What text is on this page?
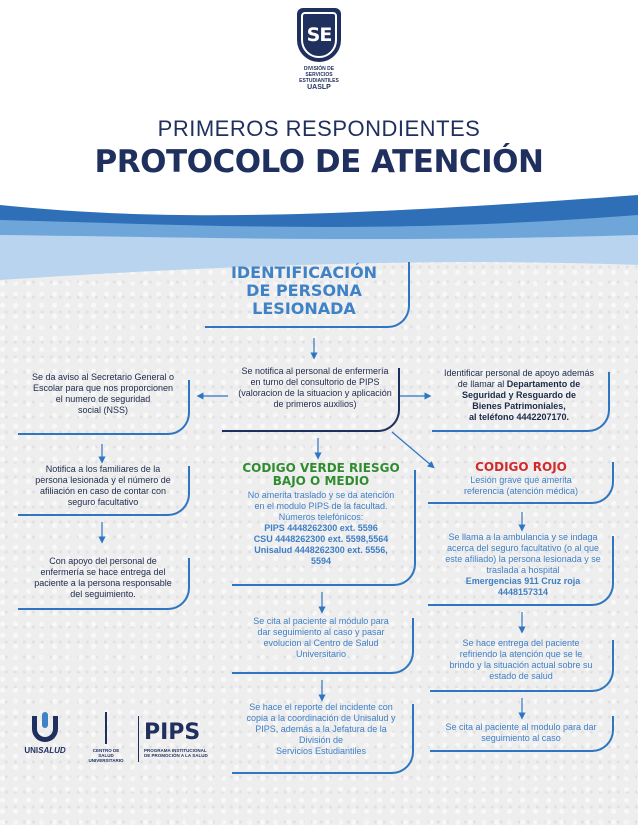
SE
DIVISIÓN DE
SERVICIOS
ESTUDIANTILES
UASLP
PRIMEROS RESPONDIENTES
PROTOCOLO DE ATENCIÓN
IDENTIFICACIÓN
DE PERSONA
LESIONADA
Se notifica al personal de enfermería
en turno del consultorio de PIPS
(valoracion de la situacion y aplicación
de primeros auxilios)
Se da aviso al Secretario General o
Escolar para que nos proporcionen
el numero de seguridad
social (NSS)
Notifica a los familiares de la
persona lesionada y el número de
afiliación en caso de contar con
seguro facultativo
Con apoyo del personal de
enfermería se hace entrega del
paciente a la persona responsable
del seguimiento.
Identificar personal de apoyo además
de llamar al Departamento de
Seguridad y Resguardo de
Bienes Patrimoniales,
al teléfono 4442207170.
CODIGO VERDE RIESGO
BAJO O MEDIO
No amerita traslado y se da atención
en el modulo PIPS de la facultad.
Números telefónicos:
PIPS 4448262300 ext. 5596
CSU 4448262300 ext. 5598,5564
Unisalud 4448262300 ext. 5556,
5594
Se cita al paciente al módulo para
dar seguimiento al caso y pasar
evolucion al Centro de Salud
Universitario
Se hace el reporte del incidente con
copia a la coordinación de Unisalud y
PIPS, además a la Jefatura de la
División de
Servicios Estudiantiles
CODIGO ROJO
Lesión grave que amerita
referencia (atención médica)
Se llama a la ambulancia y se indaga
acerca del seguro facultativo (o al que
este afiliado) la persona lesionada y se
traslada a hospital
Emergencias 911 Cruz roja
4448157314
Se hace entrega del paciente
refiriendo la atención que se le
brindo y la situación actual sobre su
estado de salud
Se cita al paciente al modulo para dar
seguimiento al caso
UNISALUD	CENTRO DE SALUD
UNIVERSITARIO
PIPS
PROGRAMA INSTITUCIONAL
DE PROMOCIÓN A LA SALUD
